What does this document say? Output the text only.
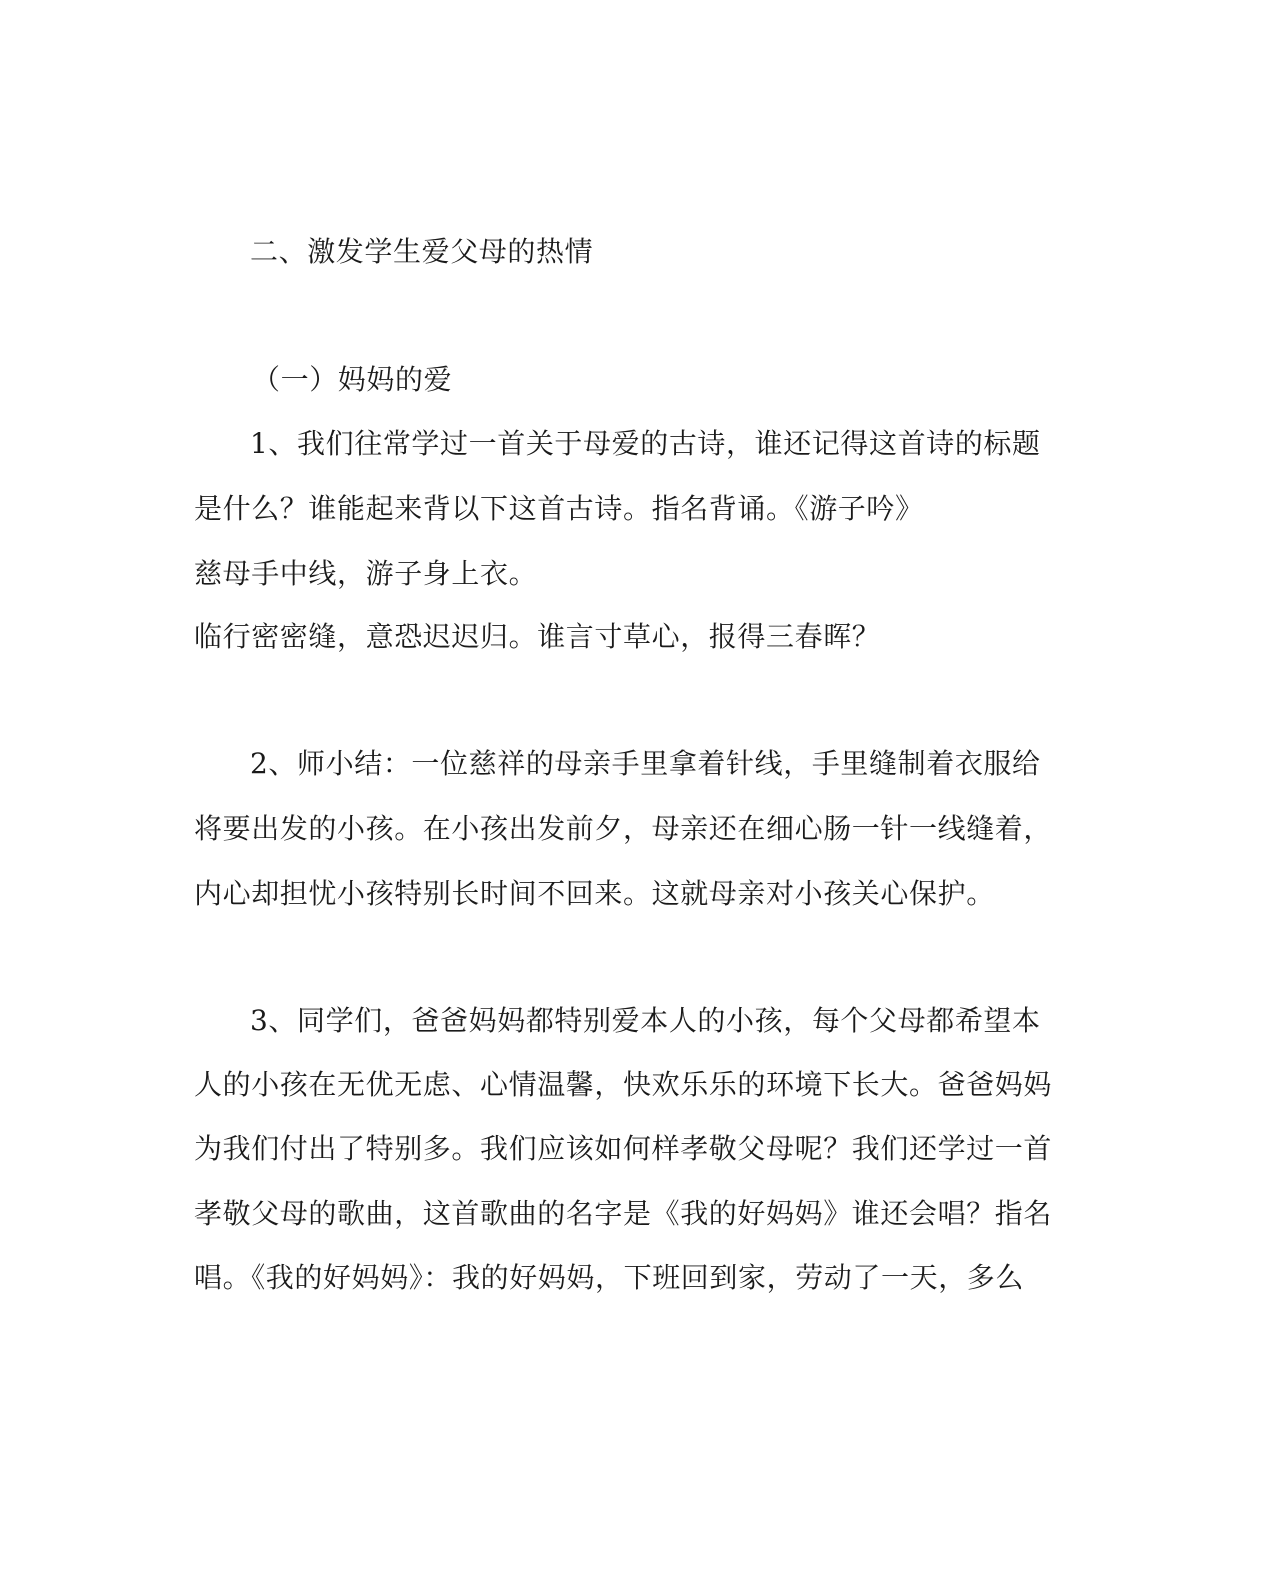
二、激发学生爱父母的热情
（一）妈妈的爱
1、我们往常学过一首关于母爱的古诗，谁还记得这首诗的标题
是什么？谁能起来背以下这首古诗。指名背诵。《游子吟》
慈母手中线，游子身上衣。
临行密密缝，意恐迟迟归。谁言寸草心，报得三春晖？
2、师小结：一位慈祥的母亲手里拿着针线，手里缝制着衣服给
将要出发的小孩。在小孩出发前夕，母亲还在细心肠一针一线缝着，
内心却担忧小孩特别长时间不回来。这就母亲对小孩关心保护。
3、同学们，爸爸妈妈都特别爱本人的小孩，每个父母都希望本
人的小孩在无优无虑、心情温馨，快欢乐乐的环境下长大。爸爸妈妈
为我们付出了特别多。我们应该如何样孝敬父母呢？我们还学过一首
孝敬父母的歌曲，这首歌曲的名字是《我的好妈妈》谁还会唱？指名
唱。《我的好妈妈》：我的好妈妈，下班回到家，劳动了一天，多么
